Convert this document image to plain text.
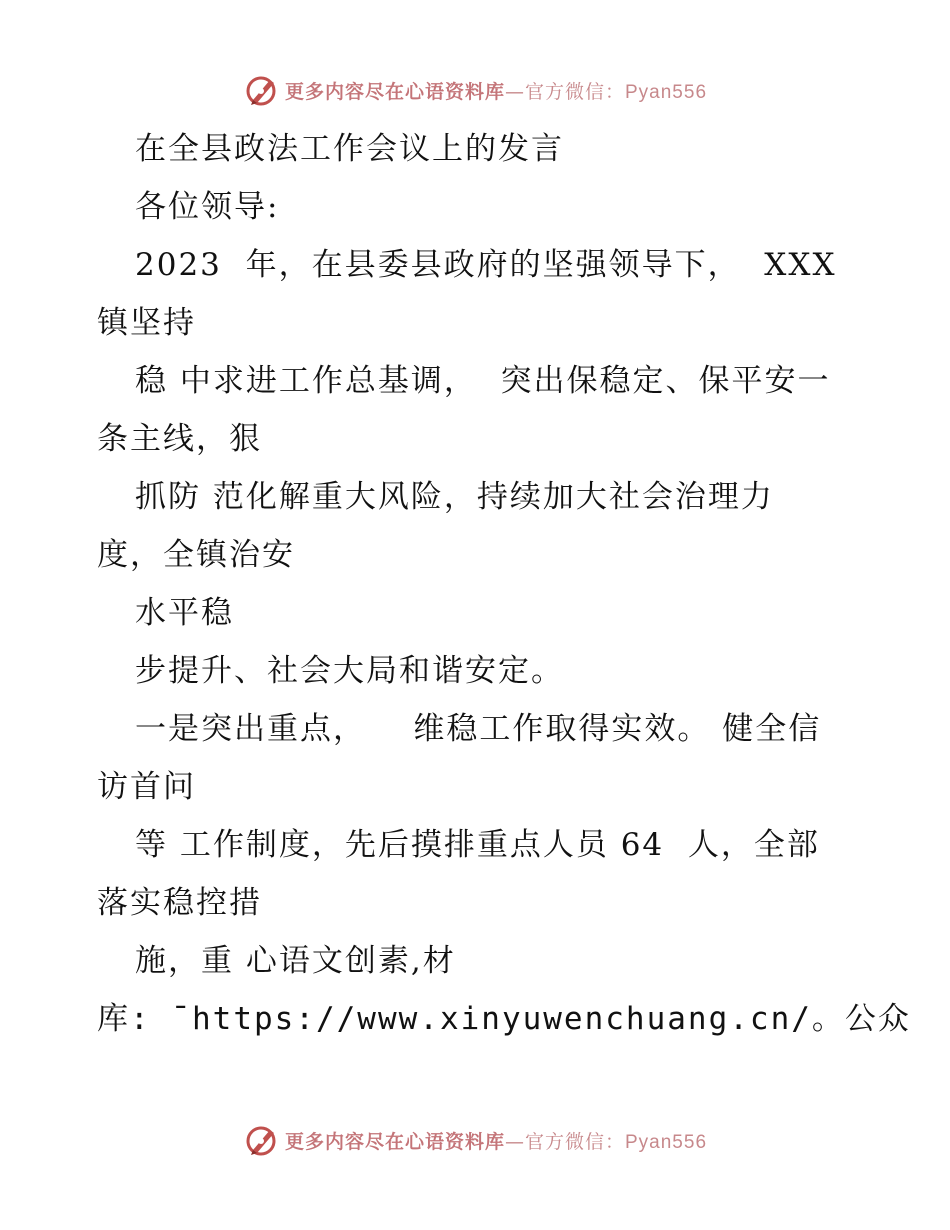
更多内容尽在心语资料库—官方微信：Pyan556
在全县政法工作会议上的发言
各位领导:
2023  年，在县委县政府的坚强领导下，  XXX
镇坚持
稳 中求进工作总基调，  突出保稳定、保平安一
条主线，狠
抓防 范化解重大风险，持续加大社会治理力
度，全镇治安
水平稳
步提升、社会大局和谐安定。
一是突出重点，    维稳工作取得实效。 健全信
访首问
等 工作制度，先后摸排重点人员 64  人，全部
落实稳控措
施，重 心语文创素,材
库: ¯https://www.xinyuwenchuang.cn/。公众
更多内容尽在心语资料库—官方微信：Pyan556
